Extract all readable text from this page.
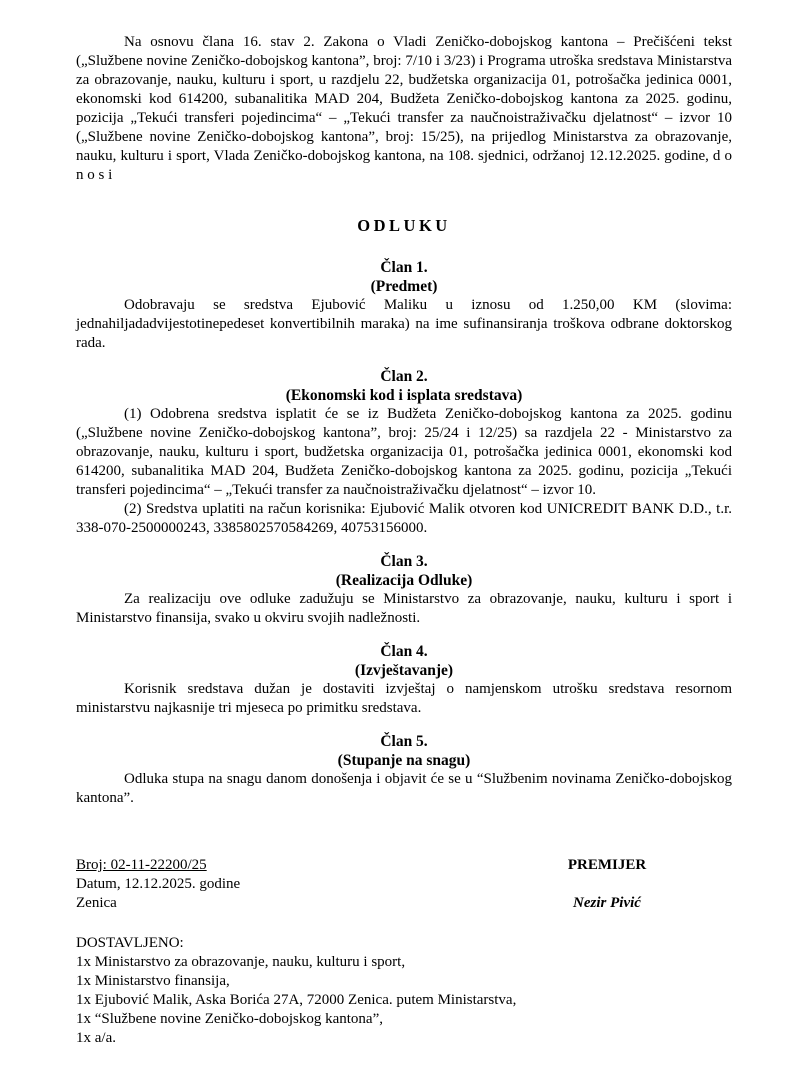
Na osnovu člana 16. stav 2. Zakona o Vladi Zeničko-dobojskog kantona – Prečišćeni tekst („Službene novine Zeničko-dobojskog kantona”, broj: 7/10 i 3/23) i Programa utroška sredstava Ministarstva za obrazovanje, nauku, kulturu i sport, u razdjelu 22, budžetska organizacija 01, potrošačka jedinica 0001, ekonomski kod 614200, subanalitika MAD 204, Budžeta Zeničko-dobojskog kantona za 2025. godinu, pozicija „Tekući transferi pojedincima“ – „Tekući transfer za naučnoistraživačku djelatnost“ – izvor 10 („Službene novine Zeničko-dobojskog kantona”, broj: 15/25), na prijedlog Ministarstva za obrazovanje, nauku, kulturu i sport, Vlada Zeničko-dobojskog kantona, na 108. sjednici, održanoj 12.12.2025. godine, d o n o s i

ODLUKU
Član 1.
(Predmet)

Odobravaju se sredstva Ejubović Maliku u iznosu od 1.250,00 KM (slovima: jednahiljadadvijestotinepedeset konvertibilnih maraka) na ime sufinansiranja troškova odbrane doktorskog rada.

Član 2.
(Ekonomski kod i isplata sredstava)

(1) Odobrena sredstva isplatit će se iz Budžeta Zeničko-dobojskog kantona za 2025. godinu („Službene novine Zeničko-dobojskog kantona”, broj: 25/24 i 12/25) sa razdjela 22 - Ministarstvo za obrazovanje, nauku, kulturu i sport, budžetska organizacija 01, potrošačka jedinica 0001, ekonomski kod 614200, subanalitika MAD 204, Budžeta Zeničko-dobojskog kantona za 2025. godinu, pozicija „Tekući transferi pojedincima“ – „Tekući transfer za naučnoistraživačku djelatnost“ – izvor 10.

(2) Sredstva uplatiti na račun korisnika: Ejubović Malik otvoren kod UNICREDIT BANK D.D., t.r. 338-070-2500000243, 3385802570584269, 40753156000.

Član 3.
(Realizacija Odluke)

Za realizaciju ove odluke zadužuju se Ministarstvo za obrazovanje, nauku, kulturu i sport i Ministarstvo finansija, svako u okviru svojih nadležnosti.

Član 4.
(Izvještavanje)

Korisnik sredstava dužan je dostaviti izvještaj o namjenskom utrošku sredstava resornom ministarstvu najkasnije tri mjeseca po primitku sredstava.

Član 5.
(Stupanje na snagu)

Odluka stupa na snagu danom donošenja i objavit će se u “Službenim novinama Zeničko-dobojskog kantona”.

Broj: 02-11-22200/25
Datum, 12.12.2025. godine
Zenica
PREMIJER

Nezir Pivić
DOSTAVLJENO:
1x Ministarstvo za obrazovanje, nauku, kulturu i sport,
1x Ministarstvo finansija,
1x Ejubović Malik, Aska Borića 27A, 72000 Zenica. putem Ministarstva,
1x “Službene novine Zeničko-dobojskog kantona”,
1x a/a.
